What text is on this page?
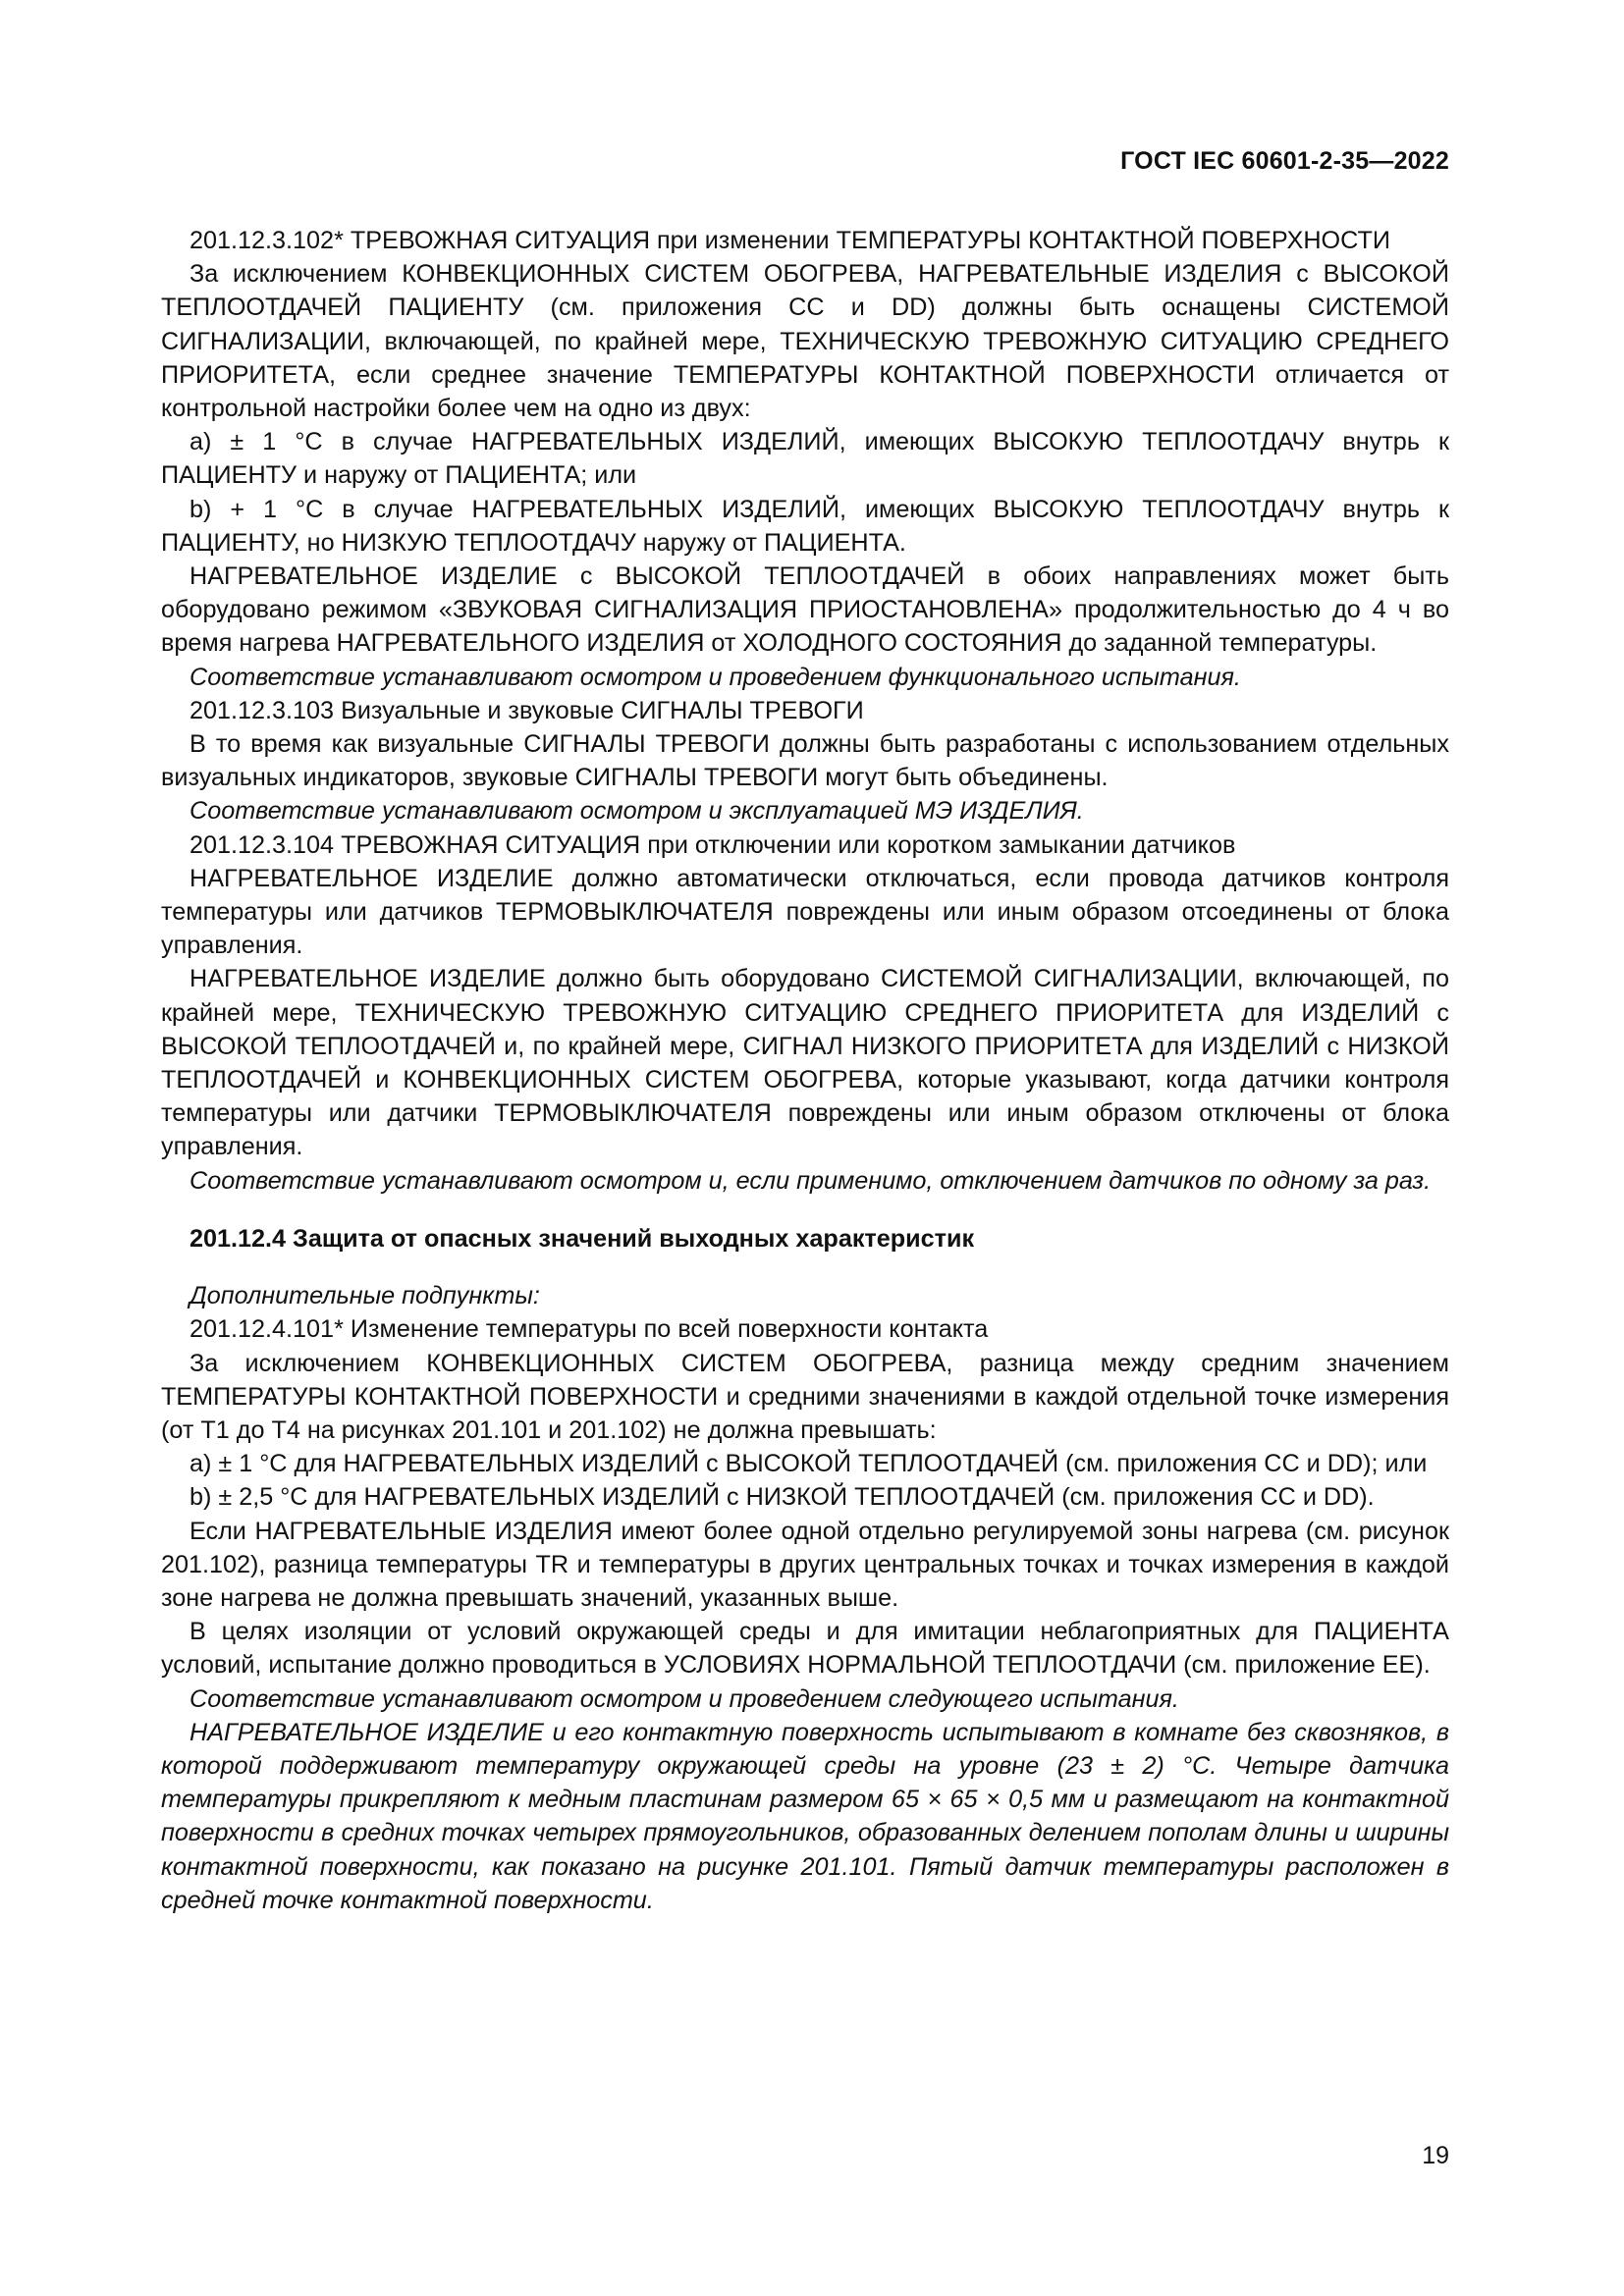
ГОСТ IEC 60601-2-35—2022

201.12.3.102* ТРЕВОЖНАЯ СИТУАЦИЯ при изменении ТЕМПЕРАТУРЫ КОНТАКТНОЙ ПОВЕРХНОСТИ

За исключением КОНВЕКЦИОННЫХ СИСТЕМ ОБОГРЕВА, НАГРЕВАТЕЛЬНЫЕ ИЗДЕЛИЯ с ВЫСОКОЙ ТЕПЛООТДАЧЕЙ ПАЦИЕНТУ (см. приложения СС и DD) должны быть оснащены СИСТЕМОЙ СИГНАЛИЗАЦИИ, включающей, по крайней мере, ТЕХНИЧЕСКУЮ ТРЕВОЖНУЮ СИТУАЦИЮ СРЕДНЕГО ПРИОРИТЕТА, если среднее значение ТЕМПЕРАТУРЫ КОНТАКТНОЙ ПОВЕРХНОСТИ отличается от контрольной настройки более чем на одно из двух:

a) ± 1 °С в случае НАГРЕВАТЕЛЬНЫХ ИЗДЕЛИЙ, имеющих ВЫСОКУЮ ТЕПЛООТДАЧУ внутрь к ПАЦИЕНТУ и наружу от ПАЦИЕНТА; или

b) + 1 °С в случае НАГРЕВАТЕЛЬНЫХ ИЗДЕЛИЙ, имеющих ВЫСОКУЮ ТЕПЛООТДАЧУ внутрь к ПАЦИЕНТУ, но НИЗКУЮ ТЕПЛООТДАЧУ наружу от ПАЦИЕНТА.

НАГРЕВАТЕЛЬНОЕ ИЗДЕЛИЕ с ВЫСОКОЙ ТЕПЛООТДАЧЕЙ в обоих направлениях может быть оборудовано режимом «ЗВУКОВАЯ СИГНАЛИЗАЦИЯ ПРИОСТАНОВЛЕНА» продолжительностью до 4 ч во время нагрева НАГРЕВАТЕЛЬНОГО ИЗДЕЛИЯ от ХОЛОДНОГО СОСТОЯНИЯ до заданной температуры.

Соответствие устанавливают осмотром и проведением функционального испытания.

201.12.3.103 Визуальные и звуковые СИГНАЛЫ ТРЕВОГИ

В то время как визуальные СИГНАЛЫ ТРЕВОГИ должны быть разработаны с использованием отдельных визуальных индикаторов, звуковые СИГНАЛЫ ТРЕВОГИ могут быть объединены.

Соответствие устанавливают осмотром и эксплуатацией МЭ ИЗДЕЛИЯ.

201.12.3.104 ТРЕВОЖНАЯ СИТУАЦИЯ при отключении или коротком замыкании датчиков

НАГРЕВАТЕЛЬНОЕ ИЗДЕЛИЕ должно автоматически отключаться, если провода датчиков контроля температуры или датчиков ТЕРМОВЫКЛЮЧАТЕЛЯ повреждены или иным образом отсоединены от блока управления.

НАГРЕВАТЕЛЬНОЕ ИЗДЕЛИЕ должно быть оборудовано СИСТЕМОЙ СИГНАЛИЗАЦИИ, включающей, по крайней мере, ТЕХНИЧЕСКУЮ ТРЕВОЖНУЮ СИТУАЦИЮ СРЕДНЕГО ПРИОРИТЕТА для ИЗДЕЛИЙ с ВЫСОКОЙ ТЕПЛООТДАЧЕЙ и, по крайней мере, СИГНАЛ НИЗКОГО ПРИОРИТЕТА для ИЗДЕЛИЙ с НИЗКОЙ ТЕПЛООТДАЧЕЙ и КОНВЕКЦИОННЫХ СИСТЕМ ОБОГРЕВА, которые указывают, когда датчики контроля температуры или датчики ТЕРМОВЫКЛЮЧАТЕЛЯ повреждены или иным образом отключены от блока управления.

Соответствие устанавливают осмотром и, если применимо, отключением датчиков по одному за раз.

201.12.4 Защита от опасных значений выходных характеристик

Дополнительные подпункты:

201.12.4.101* Изменение температуры по всей поверхности контакта

За исключением КОНВЕКЦИОННЫХ СИСТЕМ ОБОГРЕВА, разница между средним значением ТЕМПЕРАТУРЫ КОНТАКТНОЙ ПОВЕРХНОСТИ и средними значениями в каждой отдельной точке измерения (от Т1 до Т4 на рисунках 201.101 и 201.102) не должна превышать:

a) ± 1 °С для НАГРЕВАТЕЛЬНЫХ ИЗДЕЛИЙ с ВЫСОКОЙ ТЕПЛООТДАЧЕЙ (см. приложения СС и DD); или

b) ± 2,5 °С для НАГРЕВАТЕЛЬНЫХ ИЗДЕЛИЙ с НИЗКОЙ ТЕПЛООТДАЧЕЙ (см. приложения СС и DD).

Если НАГРЕВАТЕЛЬНЫЕ ИЗДЕЛИЯ имеют более одной отдельно регулируемой зоны нагрева (см. рисунок 201.102), разница температуры TR и температуры в других центральных точках и точках измерения в каждой зоне нагрева не должна превышать значений, указанных выше.

В целях изоляции от условий окружающей среды и для имитации неблагоприятных для ПАЦИЕНТА условий, испытание должно проводиться в УСЛОВИЯХ НОРМАЛЬНОЙ ТЕПЛООТДАЧИ (см. приложение ЕЕ).

Соответствие устанавливают осмотром и проведением следующего испытания.

НАГРЕВАТЕЛЬНОЕ ИЗДЕЛИЕ и его контактную поверхность испытывают в комнате без сквозняков, в которой поддерживают температуру окружающей среды на уровне (23 ± 2) °С. Четыре датчика температуры прикрепляют к медным пластинам размером 65 × 65 × 0,5 мм и размещают на контактной поверхности в средних точках четырех прямоугольников, образованных делением пополам длины и ширины контактной поверхности, как показано на рисунке 201.101. Пятый датчик температуры расположен в средней точке контактной поверхности.

19
